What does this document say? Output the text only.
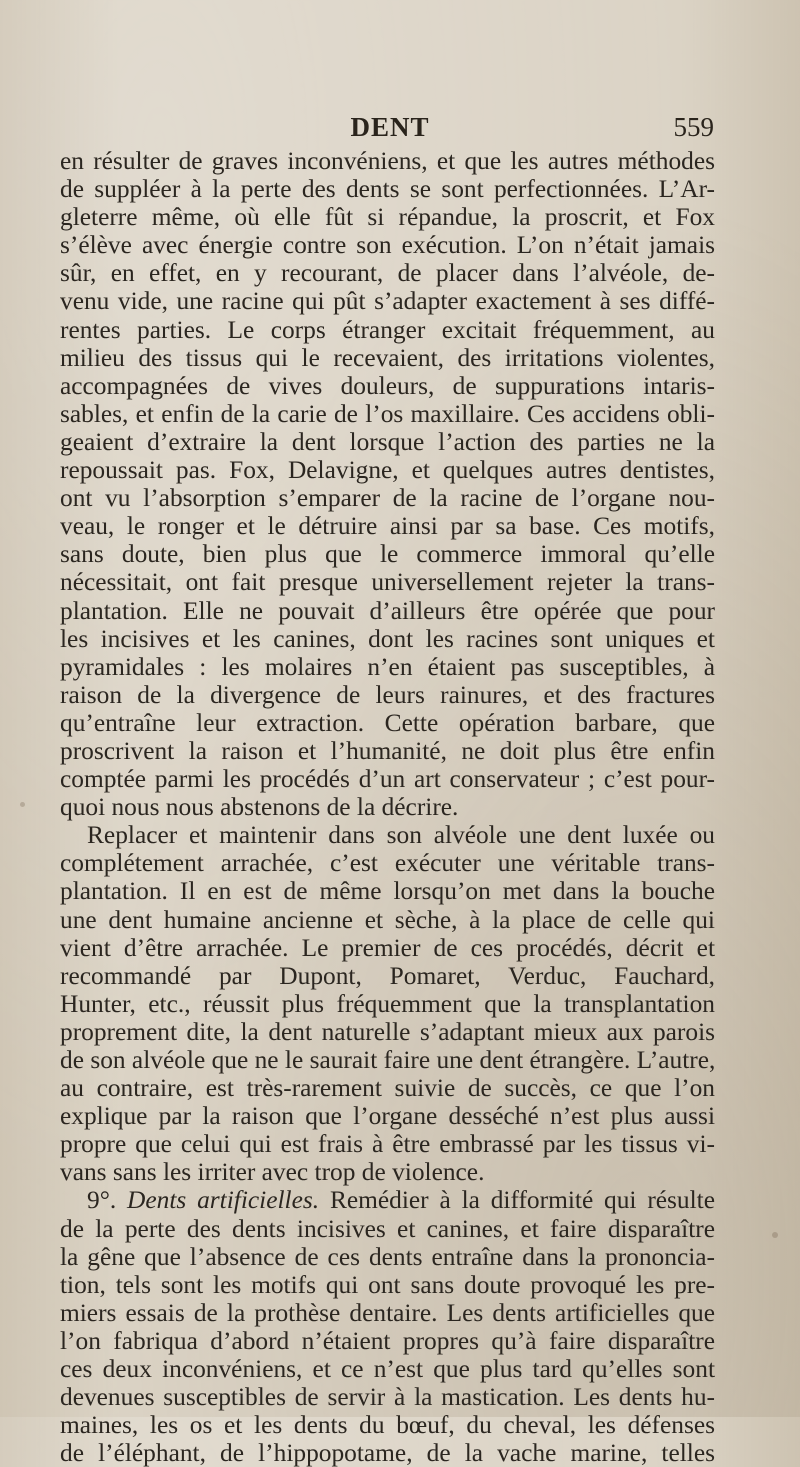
DENT	559
en résulter de graves inconvéniens, et que les autres méthodes
de suppléer à la perte des dents se sont perfectionnées. L’Ar-
gleterre même, où elle fût si répandue, la proscrit, et Fox
s’élève avec énergie contre son exécution. L’on n’était jamais
sûr, en effet, en y recourant, de placer dans l’alvéole, de-
venu vide, une racine qui pût s’adapter exactement à ses diffé-
rentes parties. Le corps étranger excitait fréquemment, au
milieu des tissus qui le recevaient, des irritations violentes,
accompagnées de vives douleurs, de suppurations intaris-
sables, et enfin de la carie de l’os maxillaire. Ces accidens obli-
geaient d’extraire la dent lorsque l’action des parties ne la
repoussait pas. Fox, Delavigne, et quelques autres dentistes,
ont vu l’absorption s’emparer de la racine de l’organe nou-
veau, le ronger et le détruire ainsi par sa base. Ces motifs,
sans doute, bien plus que le commerce immoral qu’elle
nécessitait, ont fait presque universellement rejeter la trans-
plantation. Elle ne pouvait d’ailleurs être opérée que pour
les incisives et les canines, dont les racines sont uniques et
pyramidales : les molaires n’en étaient pas susceptibles, à
raison de la divergence de leurs rainures, et des fractures
qu’entraîne leur extraction. Cette opération barbare, que
proscrivent la raison et l’humanité, ne doit plus être enfin
comptée parmi les procédés d’un art conservateur ; c’est pour-
quoi nous nous abstenons de la décrire.
Replacer et maintenir dans son alvéole une dent luxée ou
complétement arrachée, c’est exécuter une véritable trans-
plantation. Il en est de même lorsqu’on met dans la bouche
une dent humaine ancienne et sèche, à la place de celle qui
vient d’être arrachée. Le premier de ces procédés, décrit et
recommandé par Dupont, Pomaret, Verduc, Fauchard,
Hunter, etc., réussit plus fréquemment que la transplantation
proprement dite, la dent naturelle s’adaptant mieux aux parois
de son alvéole que ne le saurait faire une dent étrangère. L’autre,
au contraire, est très-rarement suivie de succès, ce que l’on
explique par la raison que l’organe desséché n’est plus aussi
propre que celui qui est frais à être embrassé par les tissus vi-
vans sans les irriter avec trop de violence.
9°. Dents artificielles. Remédier à la difformité qui résulte
de la perte des dents incisives et canines, et faire disparaître
la gêne que l’absence de ces dents entraîne dans la prononcia-
tion, tels sont les motifs qui ont sans doute provoqué les pre-
miers essais de la prothèse dentaire. Les dents artificielles que
l’on fabriqua d’abord n’étaient propres qu’à faire disparaître
ces deux inconvéniens, et ce n’est que plus tard qu’elles sont
devenues susceptibles de servir à la mastication. Les dents hu-
maines, les os et les dents du bœuf, du cheval, les défenses
de l’éléphant, de l’hippopotame, de la vache marine, telles
